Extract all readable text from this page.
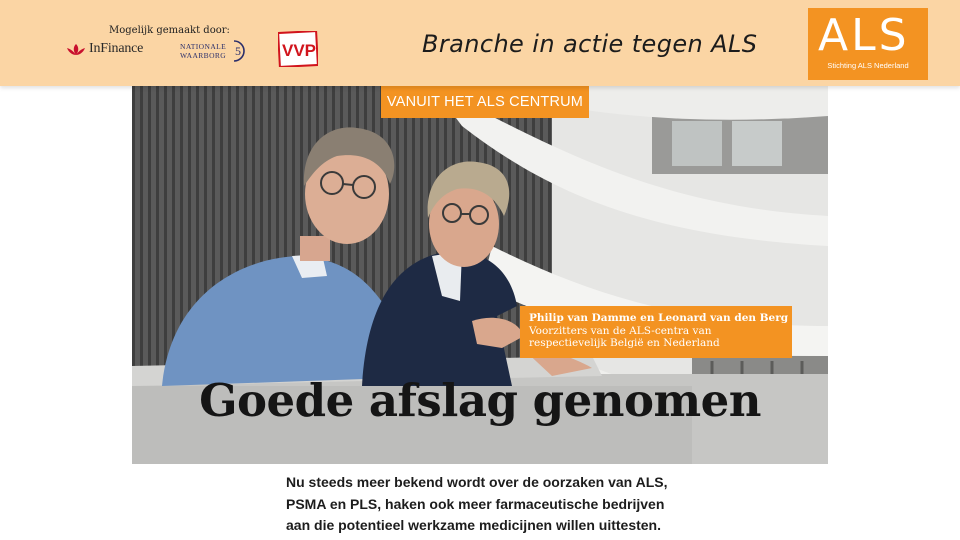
Mogelijk gemaakt door:
InFinance	NATIONALE
WAARBORG 5 VVP	Branche in actie tegen ALS ALS
Stichting ALS Nederland
VANUIT HET ALS CENTRUM
Philip van Damme en Leonard van den Berg
Voorzitters van de ALS-centra van
respectievelijk België en Nederland
Goede afslag genomen
Nu steeds meer bekend wordt over de oorzaken van ALS,
PSMA en PLS, haken ook meer farmaceutische bedrijven
aan die potentieel werkzame medicijnen willen uittesten.
